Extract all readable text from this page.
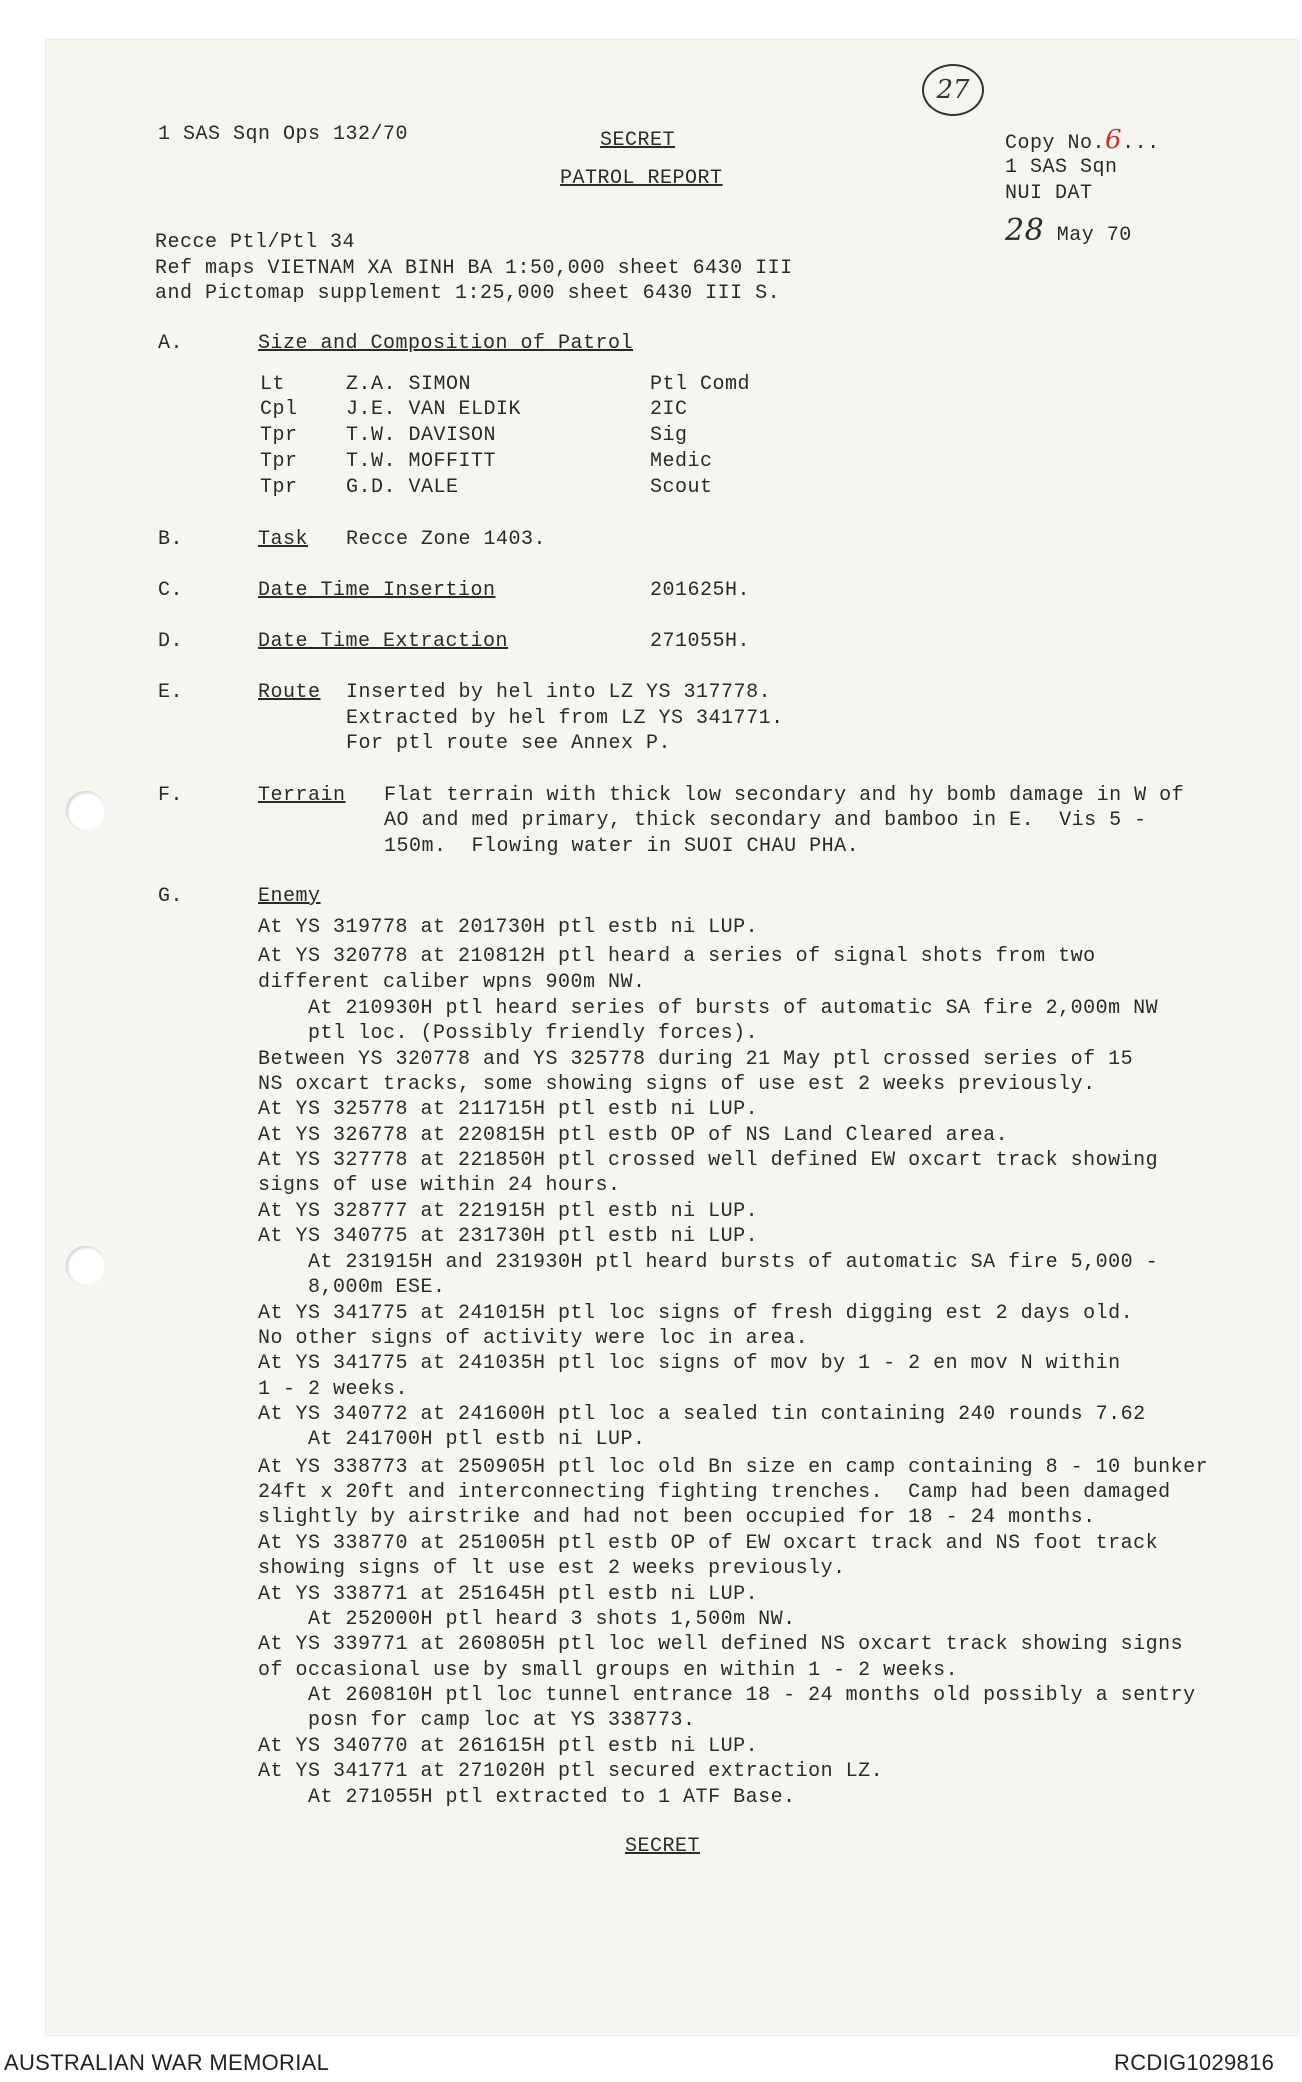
1 SAS Sqn Ops 132/70	SECRET
PATROL REPORT
27
Copy No.6...
1 SAS Sqn
NUI DAT
28 May 70
Recce Ptl/Ptl 34
Ref maps VIETNAM XA BINH BA 1:50,000 sheet 6430 III
and Pictomap supplement 1:25,000 sheet 6430 III S.
A.	Size and Composition of Patrol
Lt	Z.A. SIMON	Ptl Comd
Cpl J.E. VAN ELDIK	2IC
Tpr T.W. DAVISON	Sig
Tpr T.W. MOFFITT	Medic
Tpr G.D. VALE	Scout
B.	Task Recce Zone 1403.
C.	Date Time Insertion	201625H.
D.	Date Time Extraction	271055H.
E.	Route Inserted by hel into LZ YS 317778.
Extracted by hel from LZ YS 341771.
For ptl route see Annex P.
F.	Terrain Flat terrain with thick low secondary and hy bomb damage in W of
AO and med primary, thick secondary and bamboo in E.  Vis 5 -
150m.  Flowing water in SUOI CHAU PHA.
G.	Enemy
At YS 319778 at 201730H ptl estb ni LUP.
At YS 320778 at 210812H ptl heard a series of signal shots from two
different caliber wpns 900m NW.
At 210930H ptl heard series of bursts of automatic SA fire 2,000m NW
ptl loc. (Possibly friendly forces).
Between YS 320778 and YS 325778 during 21 May ptl crossed series of 15
NS oxcart tracks, some showing signs of use est 2 weeks previously.
At YS 325778 at 211715H ptl estb ni LUP.
At YS 326778 at 220815H ptl estb OP of NS Land Cleared area.
At YS 327778 at 221850H ptl crossed well defined EW oxcart track showing
signs of use within 24 hours.
At YS 328777 at 221915H ptl estb ni LUP.
At YS 340775 at 231730H ptl estb ni LUP.
At 231915H and 231930H ptl heard bursts of automatic SA fire 5,000 -
8,000m ESE.
At YS 341775 at 241015H ptl loc signs of fresh digging est 2 days old.
No other signs of activity were loc in area.
At YS 341775 at 241035H ptl loc signs of mov by 1 - 2 en mov N within
1 - 2 weeks.
At YS 340772 at 241600H ptl loc a sealed tin containing 240 rounds 7.62
At 241700H ptl estb ni LUP.
At YS 338773 at 250905H ptl loc old Bn size en camp containing 8 - 10 bunker
24ft x 20ft and interconnecting fighting trenches.  Camp had been damaged
slightly by airstrike and had not been occupied for 18 - 24 months.
At YS 338770 at 251005H ptl estb OP of EW oxcart track and NS foot track
showing signs of lt use est 2 weeks previously.
At YS 338771 at 251645H ptl estb ni LUP.
At 252000H ptl heard 3 shots 1,500m NW.
At YS 339771 at 260805H ptl loc well defined NS oxcart track showing signs
of occasional use by small groups en within 1 - 2 weeks.
At 260810H ptl loc tunnel entrance 18 - 24 months old possibly a sentry
posn for camp loc at YS 338773.
At YS 340770 at 261615H ptl estb ni LUP.
At YS 341771 at 271020H ptl secured extraction LZ.
At 271055H ptl extracted to 1 ATF Base.
SECRET
AUSTRALIAN WAR MEMORIAL	RCDIG1029816
